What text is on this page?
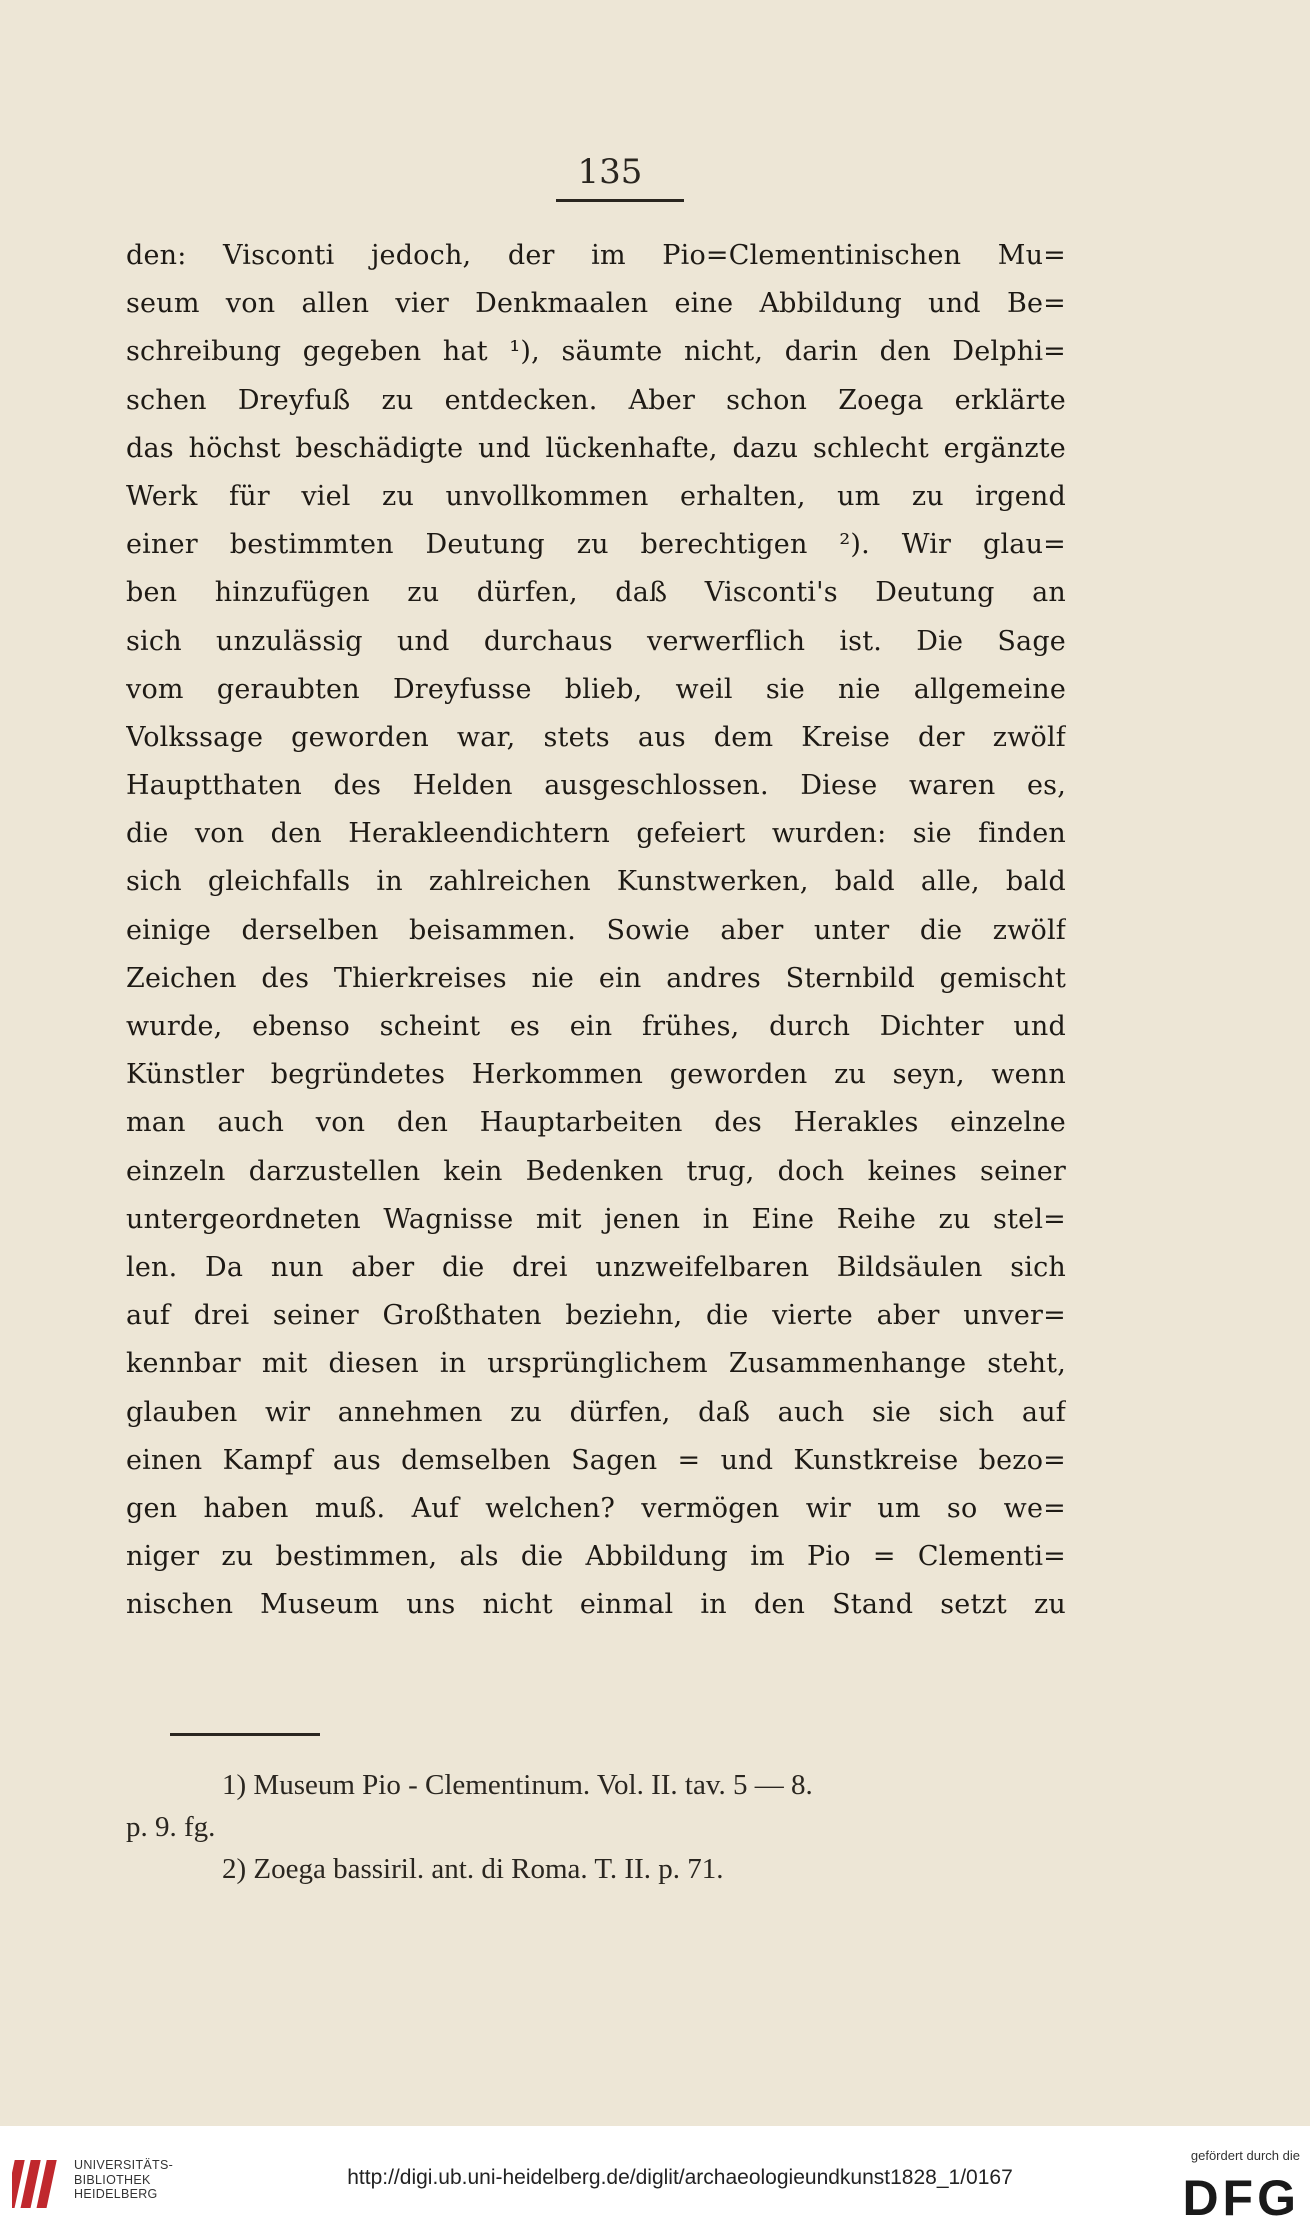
135
den: Visconti jedoch, der im Pio=Clementinischen Mu=
seum von allen vier Denkmaalen eine Abbildung und Be=
schreibung gegeben hat ¹), säumte nicht, darin den Delphi=
schen Dreyfuß zu entdecken. Aber schon Zoega erklärte
das höchst beschädigte und lückenhafte, dazu schlecht ergänzte
Werk für viel zu unvollkommen erhalten, um zu irgend
einer bestimmten Deutung zu berechtigen ²). Wir glau=
ben hinzufügen zu dürfen, daß Visconti's Deutung an
sich unzulässig und durchaus verwerflich ist. Die Sage
vom geraubten Dreyfusse blieb, weil sie nie allgemeine
Volkssage geworden war, stets aus dem Kreise der zwölf
Hauptthaten des Helden ausgeschlossen. Diese waren es,
die von den Herakleendichtern gefeiert wurden: sie finden
sich gleichfalls in zahlreichen Kunstwerken, bald alle, bald
einige derselben beisammen. Sowie aber unter die zwölf
Zeichen des Thierkreises nie ein andres Sternbild gemischt
wurde, ebenso scheint es ein frühes, durch Dichter und
Künstler begründetes Herkommen geworden zu seyn, wenn
man auch von den Hauptarbeiten des Herakles einzelne
einzeln darzustellen kein Bedenken trug, doch keines seiner
untergeordneten Wagnisse mit jenen in Eine Reihe zu stel=
len. Da nun aber die drei unzweifelbaren Bildsäulen sich
auf drei seiner Großthaten beziehn, die vierte aber unver=
kennbar mit diesen in ursprünglichem Zusammenhange steht,
glauben wir annehmen zu dürfen, daß auch sie sich auf
einen Kampf aus demselben Sagen = und Kunstkreise bezo=
gen haben muß. Auf welchen? vermögen wir um so we=
niger zu bestimmen, als die Abbildung im Pio = Clementi=
nischen Museum uns nicht einmal in den Stand setzt zu
1) Museum Pio - Clementinum. Vol. II. tav. 5 — 8.
p. 9. fg.
2) Zoega bassiril. ant. di Roma. T. II. p. 71.
UNIVERSITÄTS-
BIBLIOTHEK
HEIDELBERG
http://digi.ub.uni-heidelberg.de/diglit/archaeologieundkunst1828_1/0167
gefördert durch die
DFG
